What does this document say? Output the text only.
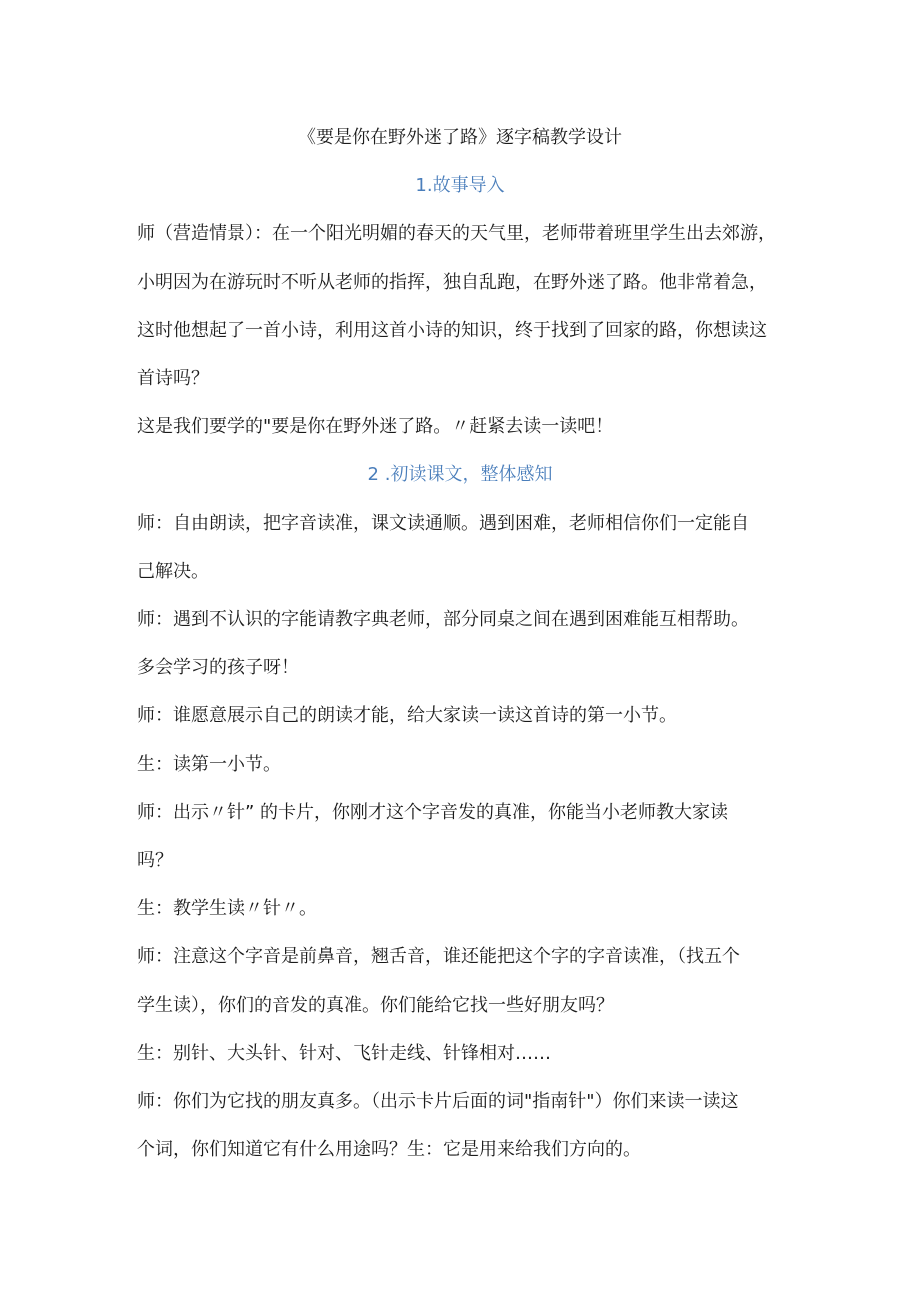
《要是你在野外迷了路》逐字稿教学设计
1.故事导入
师（营造情景）：在一个阳光明媚的春天的天气里，老师带着班里学生出去郊游，
小明因为在游玩时不听从老师的指挥，独自乱跑，在野外迷了路。他非常着急，
这时他想起了一首小诗，利用这首小诗的知识，终于找到了回家的路，你想读这
首诗吗？
这是我们要学的"要是你在野外迷了路。〃赶紧去读一读吧！
2 .初读课文，整体感知
师：自由朗读，把字音读准，课文读通顺。遇到困难，老师相信你们一定能自
己解决。
师：遇到不认识的字能请教字典老师，部分同桌之间在遇到困难能互相帮助。
多会学习的孩子呀！
师：谁愿意展示自己的朗读才能，给大家读一读这首诗的第一小节。
生：读第一小节。
师：出示〃针” 的卡片，你刚才这个字音发的真准，你能当小老师教大家读
吗？
生：教学生读〃针〃。
师：注意这个字音是前鼻音，翘舌音，谁还能把这个字的字音读准，（找五个
学生读），你们的音发的真准。你们能给它找一些好朋友吗？
生：别针、大头针、针对、飞针走线、针锋相对……
师：你们为它找的朋友真多。（出示卡片后面的词"指南针"）你们来读一读这
个词，你们知道它有什么用途吗？生：它是用来给我们方向的。
